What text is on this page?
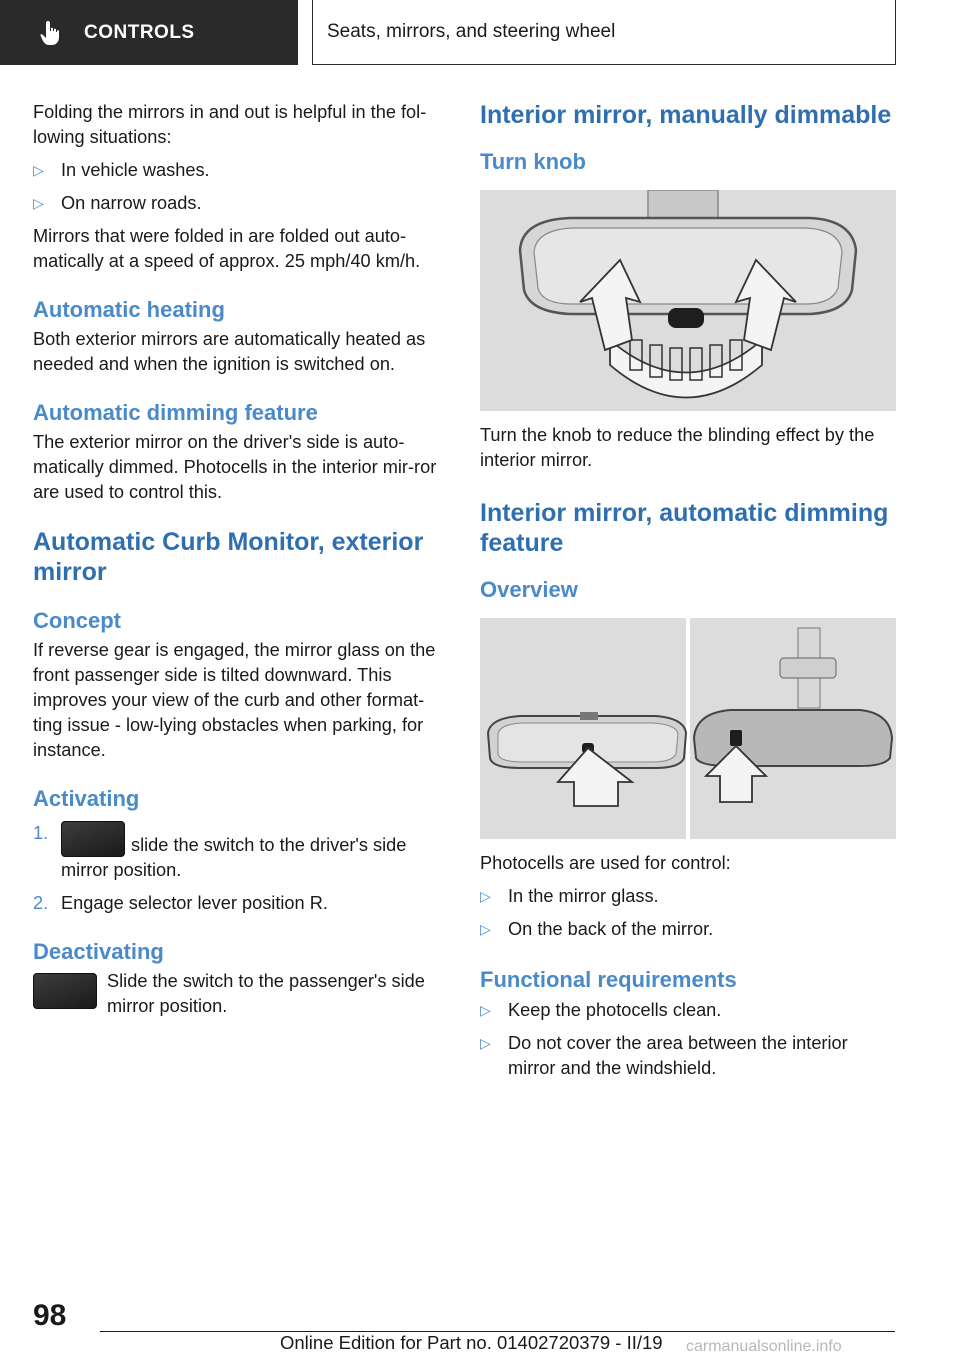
CONTROLS	Seats, mirrors, and steering wheel

Folding the mirrors in and out is helpful in the fol‐lowing situations:

▷ In vehicle washes.
▷ On narrow roads.

Mirrors that were folded in are folded out auto‐matically at a speed of approx. 25 mph/40 km/h.

Automatic heating

Both exterior mirrors are automatically heated as needed and when the ignition is switched on.

Automatic dimming feature

The exterior mirror on the driver's side is auto‐matically dimmed. Photocells in the interior mir‐ror are used to control this.

Automatic Curb Monitor, exterior mirror
Concept

If reverse gear is engaged, the mirror glass on the front passenger side is tilted downward. This improves your view of the curb and other format‐ting issue - low-lying obstacles when parking, for instance.

Activating
1.
slide the switch to the driver's side mirror position.
2. Engage selector lever position R.
Deactivating

Slide the switch to the passenger's side mirror position.

Interior mirror, manually dimmable
Turn knob

Turn the knob to reduce the blinding effect by the interior mirror.

Interior mirror, automatic dimming feature
Overview

Photocells are used for control:

▷ In the mirror glass.
▷ On the back of the mirror.
Functional requirements
▷ Keep the photocells clean.
▷ Do not cover the area between the interior mirror and the windshield.
98
Online Edition for Part no. 01402720379 - II/19 carmanualsonline.info
